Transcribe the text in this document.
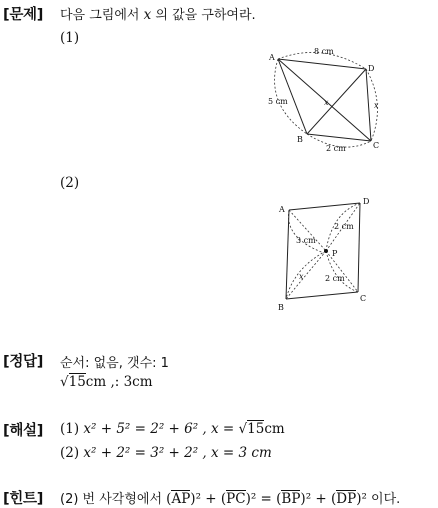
[문제] 다음 그림에서 x 의 값을 구하여라.
(1)
A
B
C
D
8 cm
5 cm
2 cm
x
x
(2)
A
B
C
D
P
3 cm
2 cm
2 cm
x
[정답] 순서: 없음, 갯수: 1
√15cm ,: 3cm
[해설] (1) x² + 5² = 2² + 6² , x = √15cm
(2) x² + 2² = 3² + 2² , x = 3 cm
[힌트] (2) 번 사각형에서 (AP)² + (PC)² = (BP)² + (DP)² 이다.
